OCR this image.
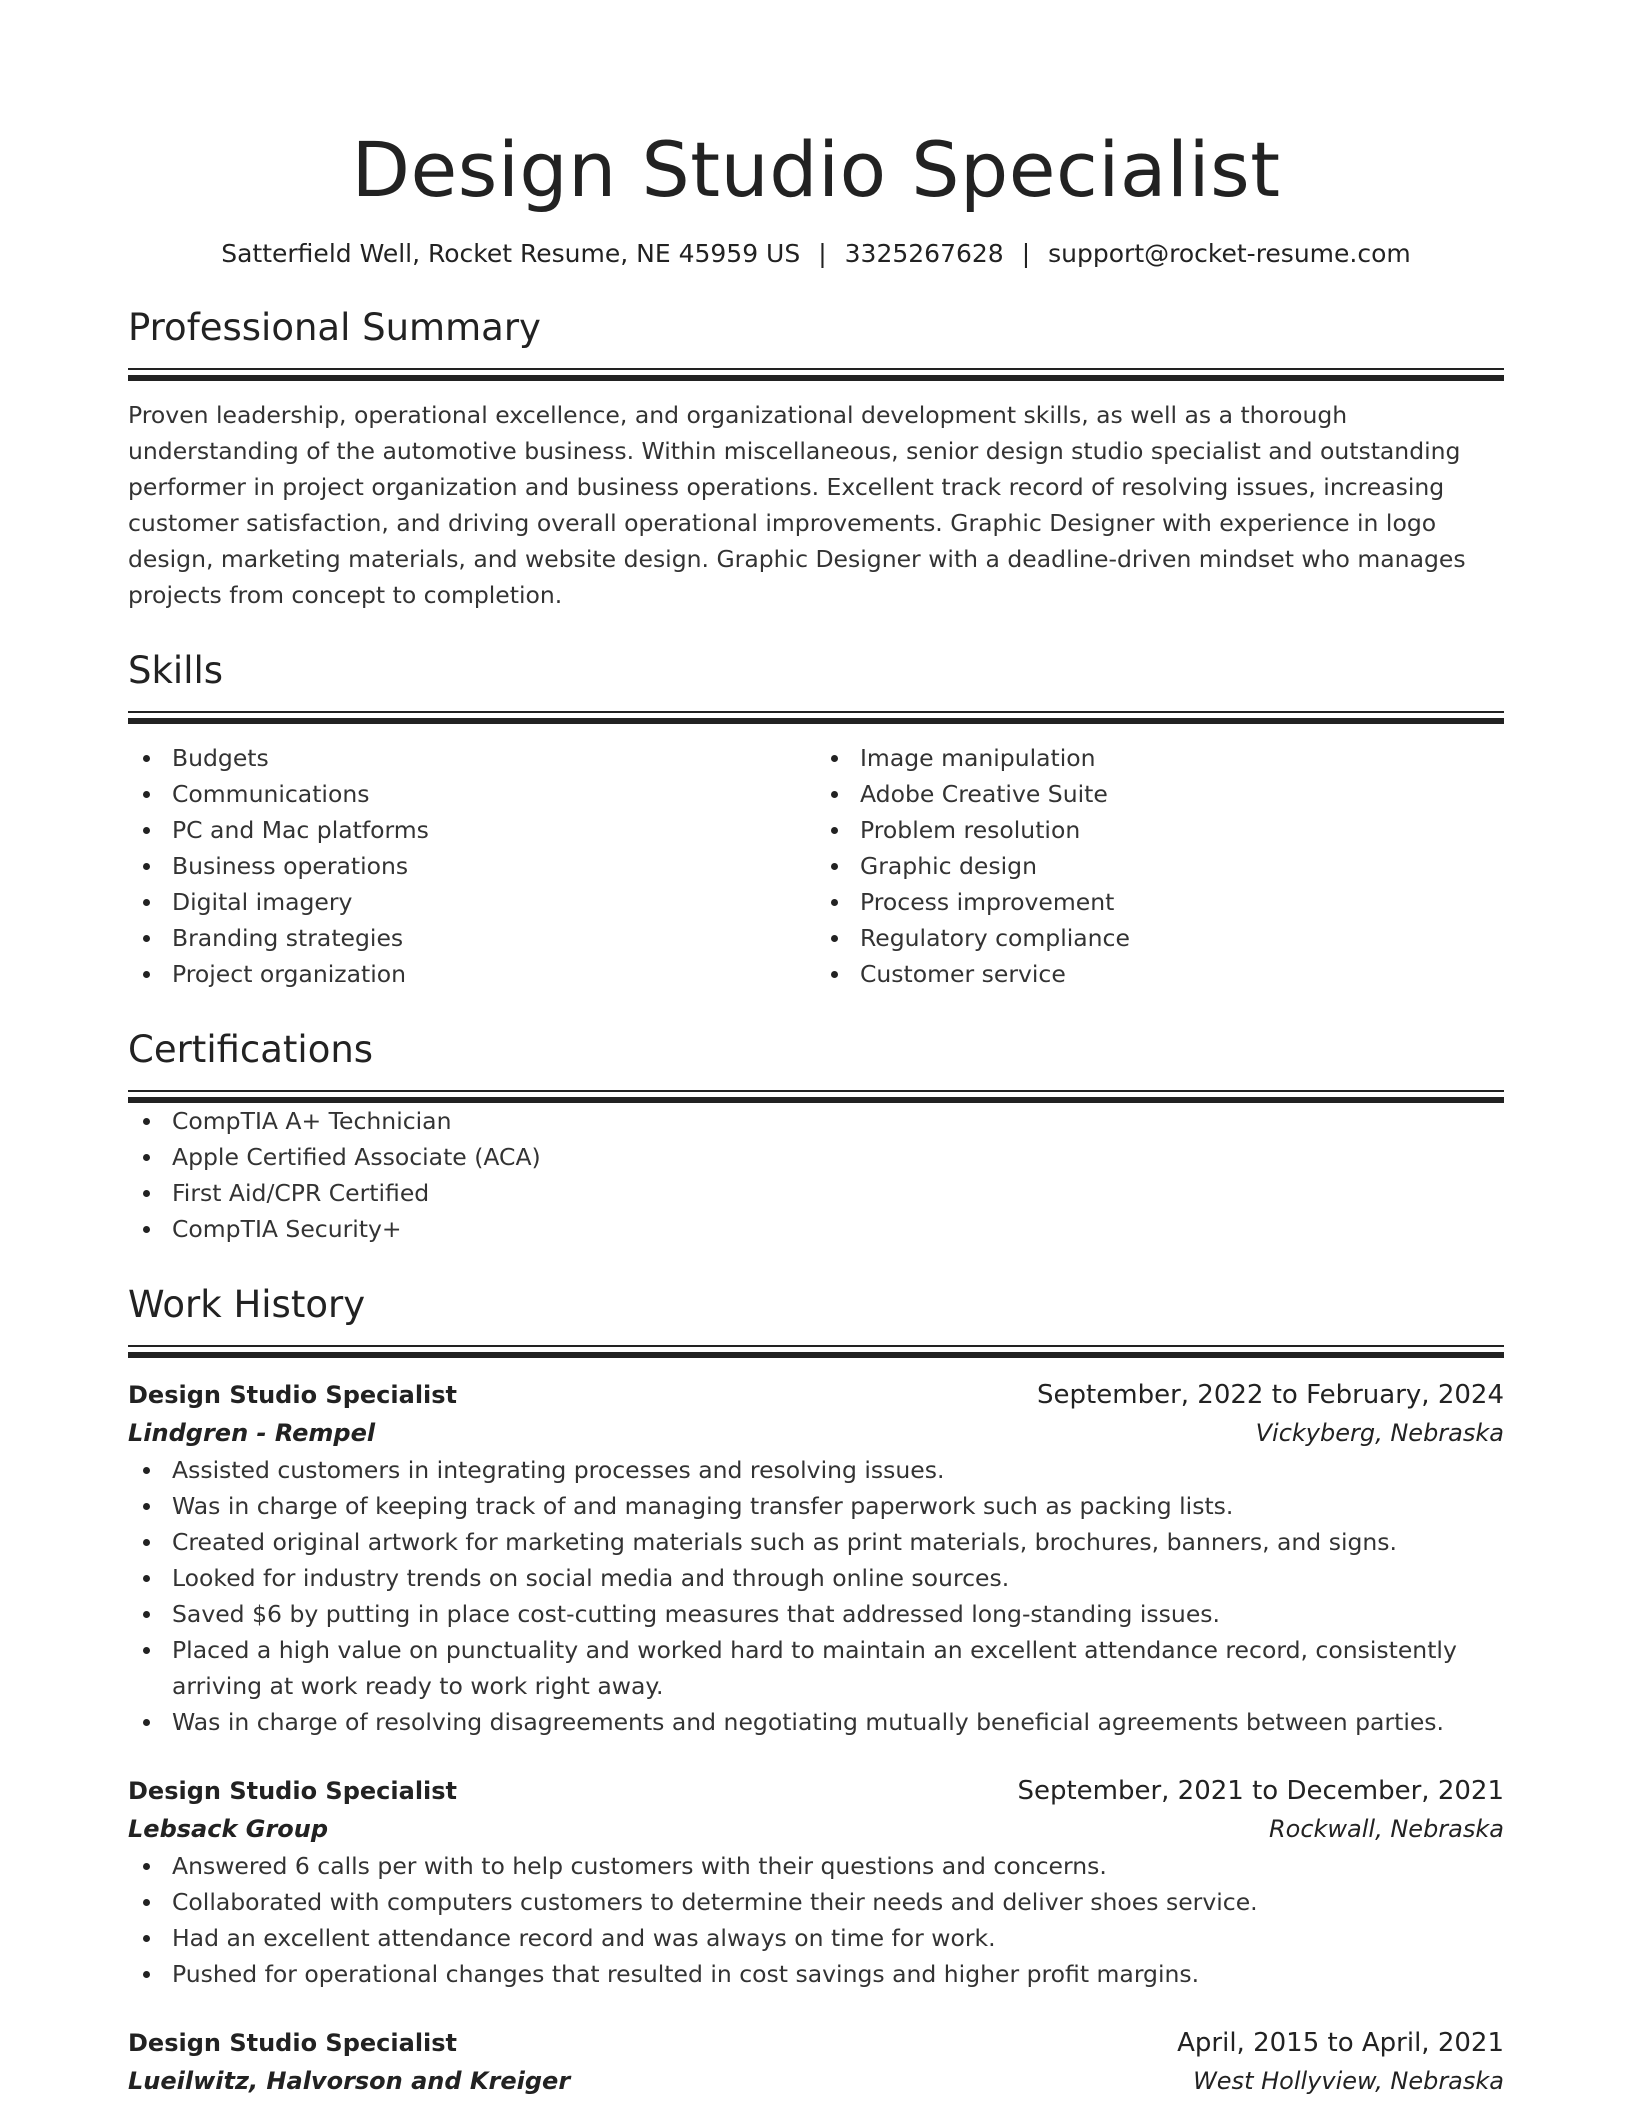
Design Studio Specialist
Satterfield Well, Rocket Resume, NE 45959 US | 3325267628 | support@rocket-resume.com
Professional Summary
Proven leadership, operational excellence, and organizational development skills, as well as a thorough understanding of the automotive business. Within miscellaneous, senior design studio specialist and outstanding performer in project organization and business operations. Excellent track record of resolving issues, increasing customer satisfaction, and driving overall operational improvements. Graphic Designer with experience in logo design, marketing materials, and website design. Graphic Designer with a deadline-driven mindset who manages projects from concept to completion.
Skills
Budgets
Communications
PC and Mac platforms
Business operations
Digital imagery
Branding strategies
Project organization
Image manipulation
Adobe Creative Suite
Problem resolution
Graphic design
Process improvement
Regulatory compliance
Customer service
Certifications
CompTIA A+ Technician
Apple Certified Associate (ACA)
First Aid/CPR Certified
CompTIA Security+
Work History
Design Studio Specialist	September, 2022 to February, 2024
Lindgren - Rempel	Vickyberg, Nebraska
Assisted customers in integrating processes and resolving issues.
Was in charge of keeping track of and managing transfer paperwork such as packing lists.
Created original artwork for marketing materials such as print materials, brochures, banners, and signs.
Looked for industry trends on social media and through online sources.
Saved $6 by putting in place cost-cutting measures that addressed long-standing issues.
Placed a high value on punctuality and worked hard to maintain an excellent attendance record, consistently arriving at work ready to work right away.
Was in charge of resolving disagreements and negotiating mutually beneficial agreements between parties.
Design Studio Specialist	September, 2021 to December, 2021
Lebsack Group	Rockwall, Nebraska
Answered 6 calls per with to help customers with their questions and concerns.
Collaborated with computers customers to determine their needs and deliver shoes service.
Had an excellent attendance record and was always on time for work.
Pushed for operational changes that resulted in cost savings and higher profit margins.
Design Studio Specialist	April, 2015 to April, 2021
Lueilwitz, Halvorson and Kreiger	West Hollyview, Nebraska
